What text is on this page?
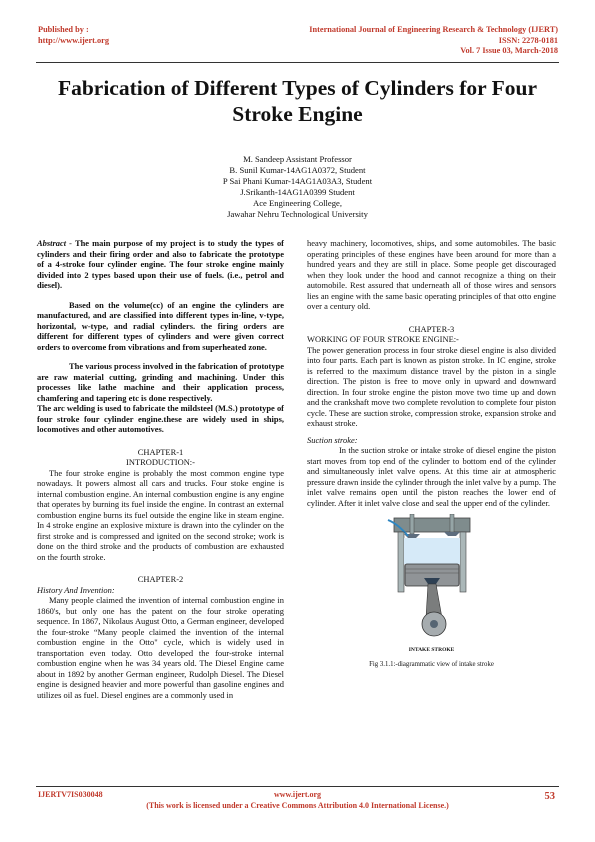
Published by :
http://www.ijert.org
International Journal of Engineering Research & Technology (IJERT)
ISSN: 2278-0181
Vol. 7 Issue 03, March-2018
Fabrication of Different Types of Cylinders for Four Stroke Engine
M. Sandeep Assistant Professor
B. Sunil Kumar-14AG1A0372, Student
P Sai Phani Kumar-14AG1A03A3, Student
J.Srikanth-14AG1A0399 Student
Ace Engineering College,
Jawahar Nehru Technological University

Abstract - The main purpose of my project is to study the types of cylinders and their firing order and also to fabricate the prototype of a 4-stroke four cylinder engine. The four stroke engine mainly divided into 2 types based upon their use of fuels. (i.e., petrol and diesel).

Based on the volume(cc) of an engine the cylinders are manufactured, and are classified into different types in-line, v-type, horizontal, w-type, and radial cylinders. the firing orders are different for different types of cylinders and were given correct orders to overcome from vibrations and from superheated zone.

The various process involved in the fabrication of prototype are raw material cutting, grinding and machining. Under this processes like lathe machine and their application process, chamfering and tapering etc is done respectively.

The arc welding is used to fabricate the mildsteel (M.S.) prototype of four stroke four cylinder engine.these are widely used in ships, locomotives and other automotives.

CHAPTER-1

INTRODUCTION:-

The four stroke engine is probably the most common engine type nowadays. It powers almost all cars and trucks. Four stoke engine is internal combustion engine. An internal combustion engine is any engine that operates by burning its fuel inside the engine. In contrast an external combustion engine burns its fuel outside the engine like in steam engine. In 4 stroke engine an explosive mixture is drawn into the cylinder on the first stroke and is compressed and ignited on the second stroke; work is done on the third stroke and the products of combustion are exhausted on the fourth stroke.

CHAPTER-2

History And Invention:

Many people claimed the invention of internal combustion engine in 1860's, but only one has the patent on the four stroke operating sequence. In 1867, Nikolaus August Otto, a German engineer, developed the four-stroke “Many people claimed the invention of the internal combustion engine in the Otto" cycle, which is widely used in transportation even today. Otto developed the four-stroke internal combustion engine when he was 34 years old. The Diesel Engine came about in 1892 by another German engineer, Rudolph Diesel. The Diesel engine is designed heavier and more powerful than gasoline engines and utilizes oil as fuel. Diesel engines are a commonly used in

heavy machinery, locomotives, ships, and some automobiles. The basic operating principles of these engines have been around for more than a hundred years and they are still in place. Some people get discouraged when they look under the hood and cannot recognize a thing on their automobile. Rest assured that underneath all of those wires and sensors lies an engine with the same basic operating principles of that otto engine over a century old.

CHAPTER-3

WORKING OF FOUR STROKE ENGINE:-

The power generation process in four stroke diesel engine is also divided into four parts. Each part is known as piston stroke. In IC engine, stroke is referred to the maximum distance travel by the piston in a single direction. The piston is free to move only in upward and downward direction. In four stroke engine the piston move two time up and down and the crankshaft move two complete revolution to complete four piston cycle. These are suction stroke, compression stroke, expansion stroke and exhaust stroke.

Suction stroke:

In the suction stroke or intake stroke of diesel engine the piston start moves from top end of the cylinder to bottom end of the cylinder and simultaneously inlet valve opens. At this time air at atmospheric pressure drawn inside the cylinder through the inlet valve by a pump. The inlet valve remains open until the piston reaches the lower end of cylinder. After it inlet valve close and seal the upper end of the cylinder.

INTAKE STROKE
Fig 3.1.1:-diagrammatic view of intake stroke
IJERTV7IS030048	www.ijert.org
(This work is licensed under a Creative Commons Attribution 4.0 International License.)
53
